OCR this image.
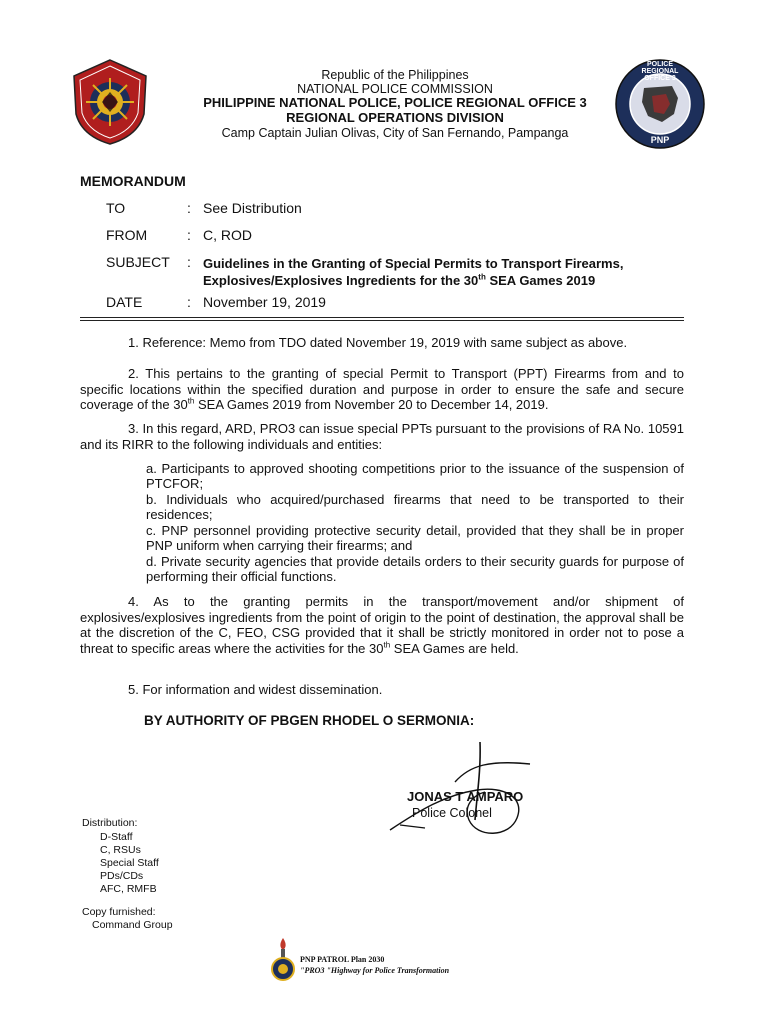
Republic of the Philippines
NATIONAL POLICE COMMISSION
PHILIPPINE NATIONAL POLICE, POLICE REGIONAL OFFICE 3
REGIONAL OPERATIONS DIVISION
Camp Captain Julian Olivas, City of San Fernando, Pampanga
POLICE REGIONAL OFFICE 3
PNP
MEMORANDUM
TO	: See Distribution
FROM	: C, ROD
SUBJECT : Guidelines in the Granting of Special Permits to Transport Firearms, Explosives/Explosives Ingredients for the 30th SEA Games 2019
DATE	: November 19, 2019
1. Reference: Memo from TDO dated November 19, 2019 with same subject as above.
2. This pertains to the granting of special Permit to Transport (PPT) Firearms from and to specific locations within the specified duration and purpose in order to ensure the safe and secure coverage of the 30th SEA Games 2019 from November 20 to December 14, 2019.
3. In this regard, ARD, PRO3 can issue special PPTs pursuant to the provisions of RA No. 10591 and its RIRR to the following individuals and entities:
a. Participants to approved shooting competitions prior to the issuance of the suspension of PTCFOR;
b. Individuals who acquired/purchased firearms that need to be transported to their residences;
c. PNP personnel providing protective security detail, provided that they shall be in proper PNP uniform when carrying their firearms; and
d. Private security agencies that provide details orders to their security guards for purpose of performing their official functions.
4. As to the granting permits in the transport/movement and/or shipment of explosives/explosives ingredients from the point of origin to the point of destination, the approval shall be at the discretion of the C, FEO, CSG provided that it shall be strictly monitored in order not to pose a threat to specific areas where the activities for the 30th SEA Games are held.
5. For information and widest dissemination.
BY AUTHORITY OF PBGEN RHODEL O SERMONIA:
JONAS T AMPARO
Police Colonel
Distribution:
D-Staff
C, RSUs
Special Staff
PDs/CDs
AFC, RMFB
Copy furnished:
Command Group
PNP PATROL Plan 2030
"PRO3 "Highway for Police Transformation
